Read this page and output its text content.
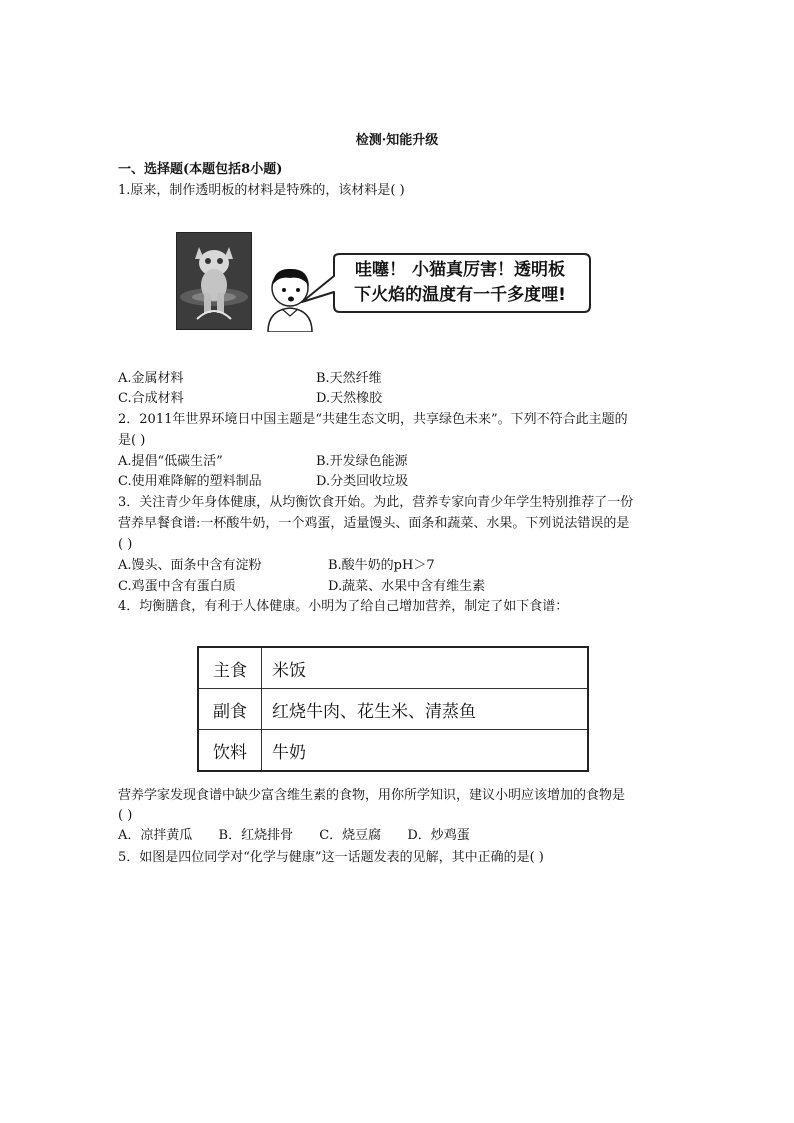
检测·知能升级
一、选择题(本题包括8小题)
1.原来，制作透明板的材料是特殊的，该材料是( )
哇噻！ 小猫真厉害！透明板
下火焰的温度有一千多度哩!
A.金属材料	B.天然纤维
C.合成材料	D.天然橡胶
2．2011年世界环境日中国主题是“共建生态文明，共享绿色未来”。下列不符合此主题的
是( )
A.提倡“低碳生活”	B.开发绿色能源
C.使用难降解的塑料制品	D.分类回收垃圾
3．关注青少年身体健康，从均衡饮食开始。为此，营养专家向青少年学生特别推荐了一份
营养早餐食谱:一杯酸牛奶，一个鸡蛋，适量馒头、面条和蔬菜、水果。下列说法错误的是
( )
A.馒头、面条中含有淀粉	B.酸牛奶的pH＞7
C.鸡蛋中含有蛋白质	D.蔬菜、水果中含有维生素
4．均衡膳食，有利于人体健康。小明为了给自己增加营养，制定了如下食谱：
主食	米饭
副食	红烧牛肉、花生米、清蒸鱼
饮料	牛奶
营养学家发现食谱中缺少富含维生素的食物，用你所学知识，建议小明应该增加的食物是
( )
A．凉拌黄瓜 B．红烧排骨 C．烧豆腐 D．炒鸡蛋
5．如图是四位同学对“化学与健康”这一话题发表的见解，其中正确的是( )
